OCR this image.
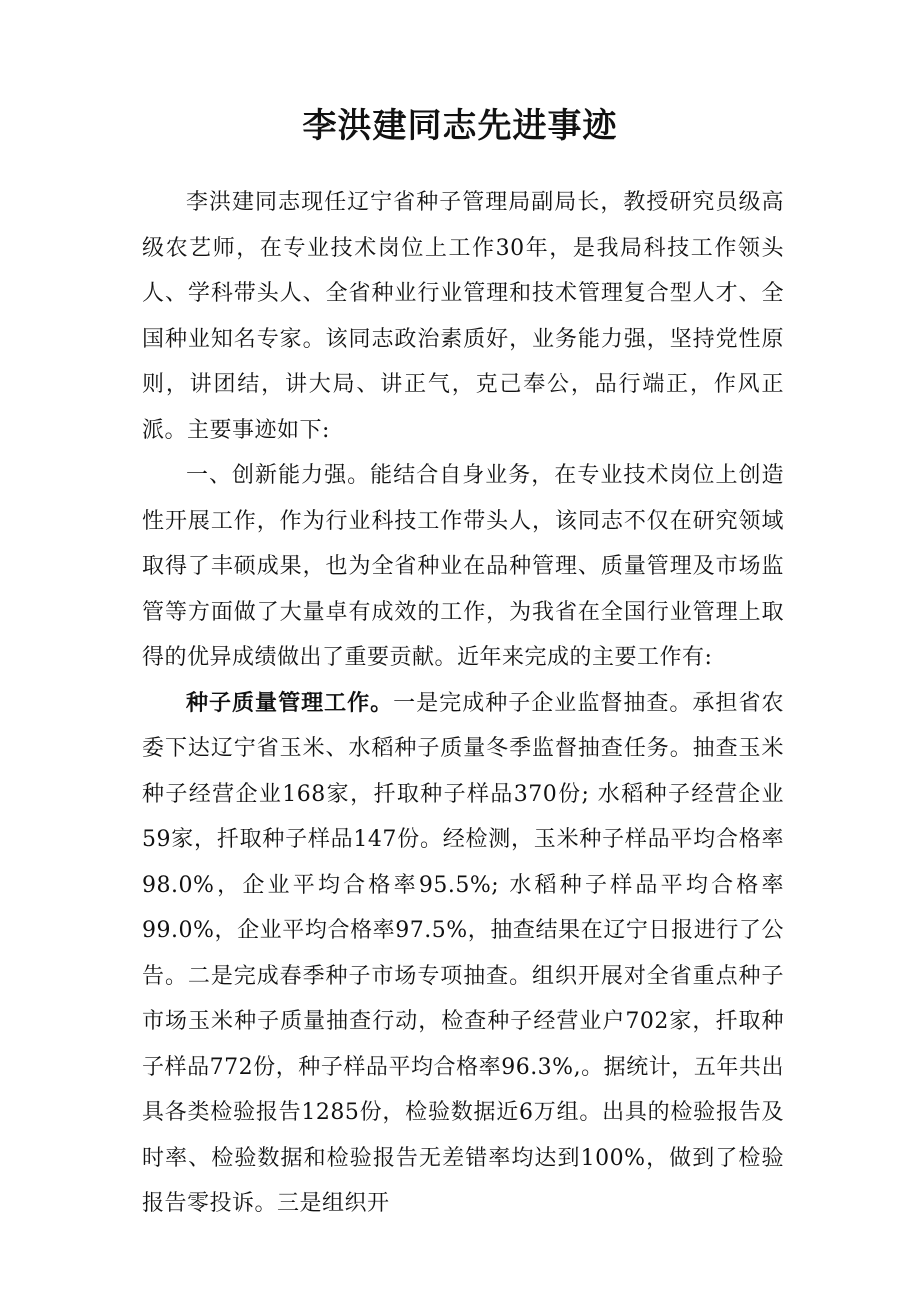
李洪建同志先进事迹

李洪建同志现任辽宁省种子管理局副局长，教授研究员级高级农艺师，在专业技术岗位上工作30年，是我局科技工作领头人、学科带头人、全省种业行业管理和技术管理复合型人才、全国种业知名专家。该同志政治素质好，业务能力强，坚持党性原则，讲团结，讲大局、讲正气，克己奉公，品行端正，作风正派。主要事迹如下:

一、创新能力强。能结合自身业务，在专业技术岗位上创造性开展工作，作为行业科技工作带头人，该同志不仅在研究领域取得了丰硕成果，也为全省种业在品种管理、质量管理及市场监管等方面做了大量卓有成效的工作，为我省在全国行业管理上取得的优异成绩做出了重要贡献。近年来完成的主要工作有:

种子质量管理工作。一是完成种子企业监督抽查。承担省农委下达辽宁省玉米、水稻种子质量冬季监督抽查任务。抽查玉米种子经营企业168家，扦取种子样品370份; 水稻种子经营企业59家，扦取种子样品147份。经检测，玉米种子样品平均合格率98.0%，企业平均合格率95.5%; 水稻种子样品平均合格率99.0%，企业平均合格率97.5%，抽查结果在辽宁日报进行了公告。二是完成春季种子市场专项抽查。组织开展对全省重点种子市场玉米种子质量抽查行动，检查种子经营业户702家，扦取种子样品772份，种子样品平均合格率96.3%,。据统计，五年共出具各类检验报告1285份，检验数据近6万组。出具的检验报告及时率、检验数据和检验报告无差错率均达到100%，做到了检验报告零投诉。三是组织开
